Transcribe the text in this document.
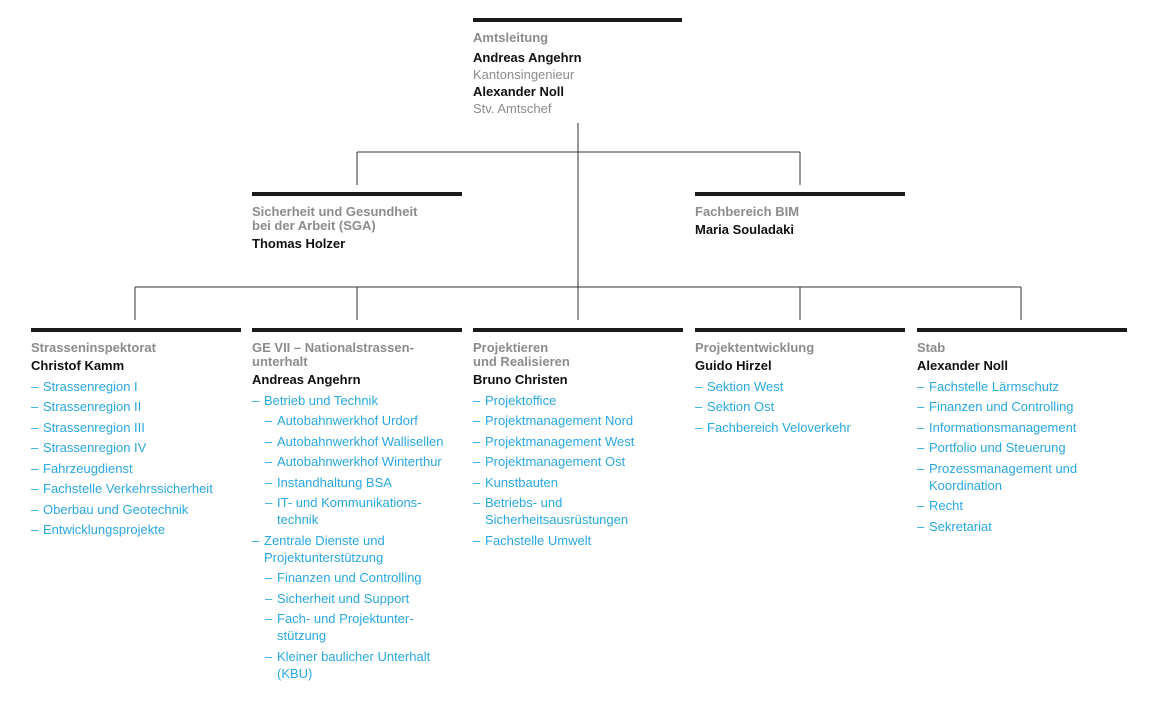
Amtsleitung
Andreas Angehrn
Kantonsingenieur
Alexander Noll
Stv. Amtschef
Sicherheit und Gesundheit
bei der Arbeit (SGA)
Thomas Holzer
Fachbereich BIM
Maria Souladaki
Strasseninspektorat
Christof Kamm
– Strassenregion I
– Strassenregion II
– Strassenregion III
– Strassenregion IV
– Fahrzeugdienst
– Fachstelle Verkehrssicherheit
– Oberbau und Geotechnik
– Entwicklungsprojekte
GE VII – Nationalstrassen-
unterhalt
Andreas Angehrn
– Betrieb und Technik
– Autobahnwerkhof Urdorf
– Autobahnwerkhof Wallisellen
– Autobahnwerkhof Winterthur
– Instandhaltung BSA
– IT- und Kommunikations-
technik
– Zentrale Dienste und
Projektunterstützung
– Finanzen und Controlling
– Sicherheit und Support
– Fach- und Projektunter-
stützung
– Kleiner baulicher Unterhalt
(KBU)
Projektieren
und Realisieren
Bruno Christen
– Projektoffice
– Projektmanagement Nord
– Projektmanagement West
– Projektmanagement Ost
– Kunstbauten
– Betriebs- und
Sicherheitsausrüstungen
– Fachstelle Umwelt
Projektentwicklung
Guido Hirzel
– Sektion West
– Sektion Ost
– Fachbereich Veloverkehr
Stab
Alexander Noll
– Fachstelle Lärmschutz
– Finanzen und Controlling
– Informationsmanagement
– Portfolio und Steuerung
– Prozessmanagement und
Koordination
– Recht
– Sekretariat
